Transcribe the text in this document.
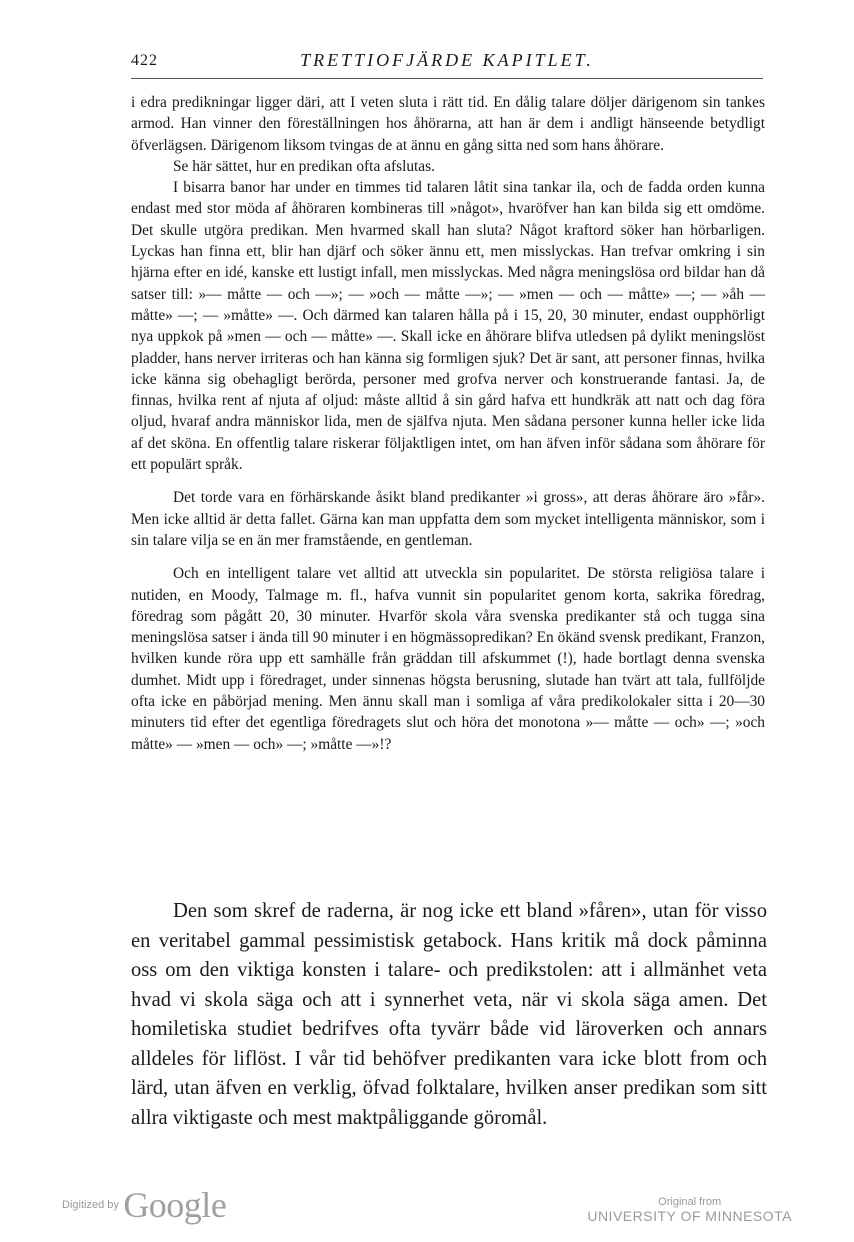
422	TRETTIOFJÄRDE KAPITLET.

i edra predikningar ligger däri, att I veten sluta i rätt tid. En dålig talare döljer därigenom sin tankes armod. Han vinner den föreställningen hos åhörarna, att han är dem i andligt hänseende betydligt öfverlägsen. Därigenom liksom tvingas de at ännu en gång sitta ned som hans åhörare.

Se här sättet, hur en predikan ofta afslutas.

I bisarra banor har under en timmes tid talaren låtit sina tankar ila, och de fadda orden kunna endast med stor möda af åhöraren kombineras till »något», hvaröfver han kan bilda sig ett omdöme. Det skulle utgöra predikan. Men hvarmed skall han sluta? Något kraftord söker han hörbarligen. Lyckas han finna ett, blir han djärf och söker ännu ett, men misslyckas. Han trefvar omkring i sin hjärna efter en idé, kanske ett lustigt infall, men misslyckas. Med några meningslösa ord bildar han då satser till: »— måtte — och —»; — »och — måtte —»; — »men — och — måtte» —; — »åh — måtte» —; — »måtte» —. Och därmed kan talaren hålla på i 15, 20, 30 minuter, endast oupphörligt nya uppkok på »men — och — måtte» —. Skall icke en åhörare blifva utledsen på dylikt meningslöst pladder, hans nerver irriteras och han känna sig formligen sjuk? Det är sant, att personer finnas, hvilka icke känna sig obehagligt berörda, personer med grofva nerver och konstruerande fantasi. Ja, de finnas, hvilka rent af njuta af oljud: måste alltid å sin gård hafva ett hundkräk att natt och dag föra oljud, hvaraf andra människor lida, men de själfva njuta. Men sådana personer kunna heller icke lida af det sköna. En offentlig talare riskerar följaktligen intet, om han äfven inför sådana som åhörare för ett populärt språk.

Det torde vara en förhärskande åsikt bland predikanter »i gross», att deras åhörare äro »får». Men icke alltid är detta fallet. Gärna kan man uppfatta dem som mycket intelligenta människor, som i sin talare vilja se en än mer framstående, en gentleman.

Och en intelligent talare vet alltid att utveckla sin popularitet. De största religiösa talare i nutiden, en Moody, Talmage m. fl., hafva vunnit sin popularitet genom korta, sakrika föredrag, föredrag som pågått 20, 30 minuter. Hvarför skola våra svenska predikanter stå och tugga sina meningslösa satser i ända till 90 minuter i en högmässopredikan? En ökänd svensk predikant, Franzon, hvilken kunde röra upp ett samhälle från gräddan till afskummet (!), hade bortlagt denna svenska dumhet. Midt upp i föredraget, under sinnenas högsta berusning, slutade han tvärt att tala, fullföljde ofta icke en påbörjad mening. Men ännu skall man i somliga af våra predikolokaler sitta i 20—30 minuters tid efter det egentliga föredragets slut och höra det monotona »— måtte — och» —; »och måtte» — »men — och» —; »måtte —»!?

Den som skref de raderna, är nog icke ett bland »fåren», utan för visso en veritabel gammal pessimistisk getabock. Hans kritik må dock påminna oss om den viktiga konsten i talare- och predikstolen: att i allmänhet veta hvad vi skola säga och att i synnerhet veta, när vi skola säga amen. Det homiletiska studiet bedrifves ofta tyvärr både vid läroverken och annars alldeles för liflöst. I vår tid behöfver predikanten vara icke blott from och lärd, utan äfven en verklig, öfvad folktalare, hvilken anser predikan som sitt allra viktigaste och mest maktpåliggande göromål.

Digitized by Google	Original from
UNIVERSITY OF MINNESOTA
